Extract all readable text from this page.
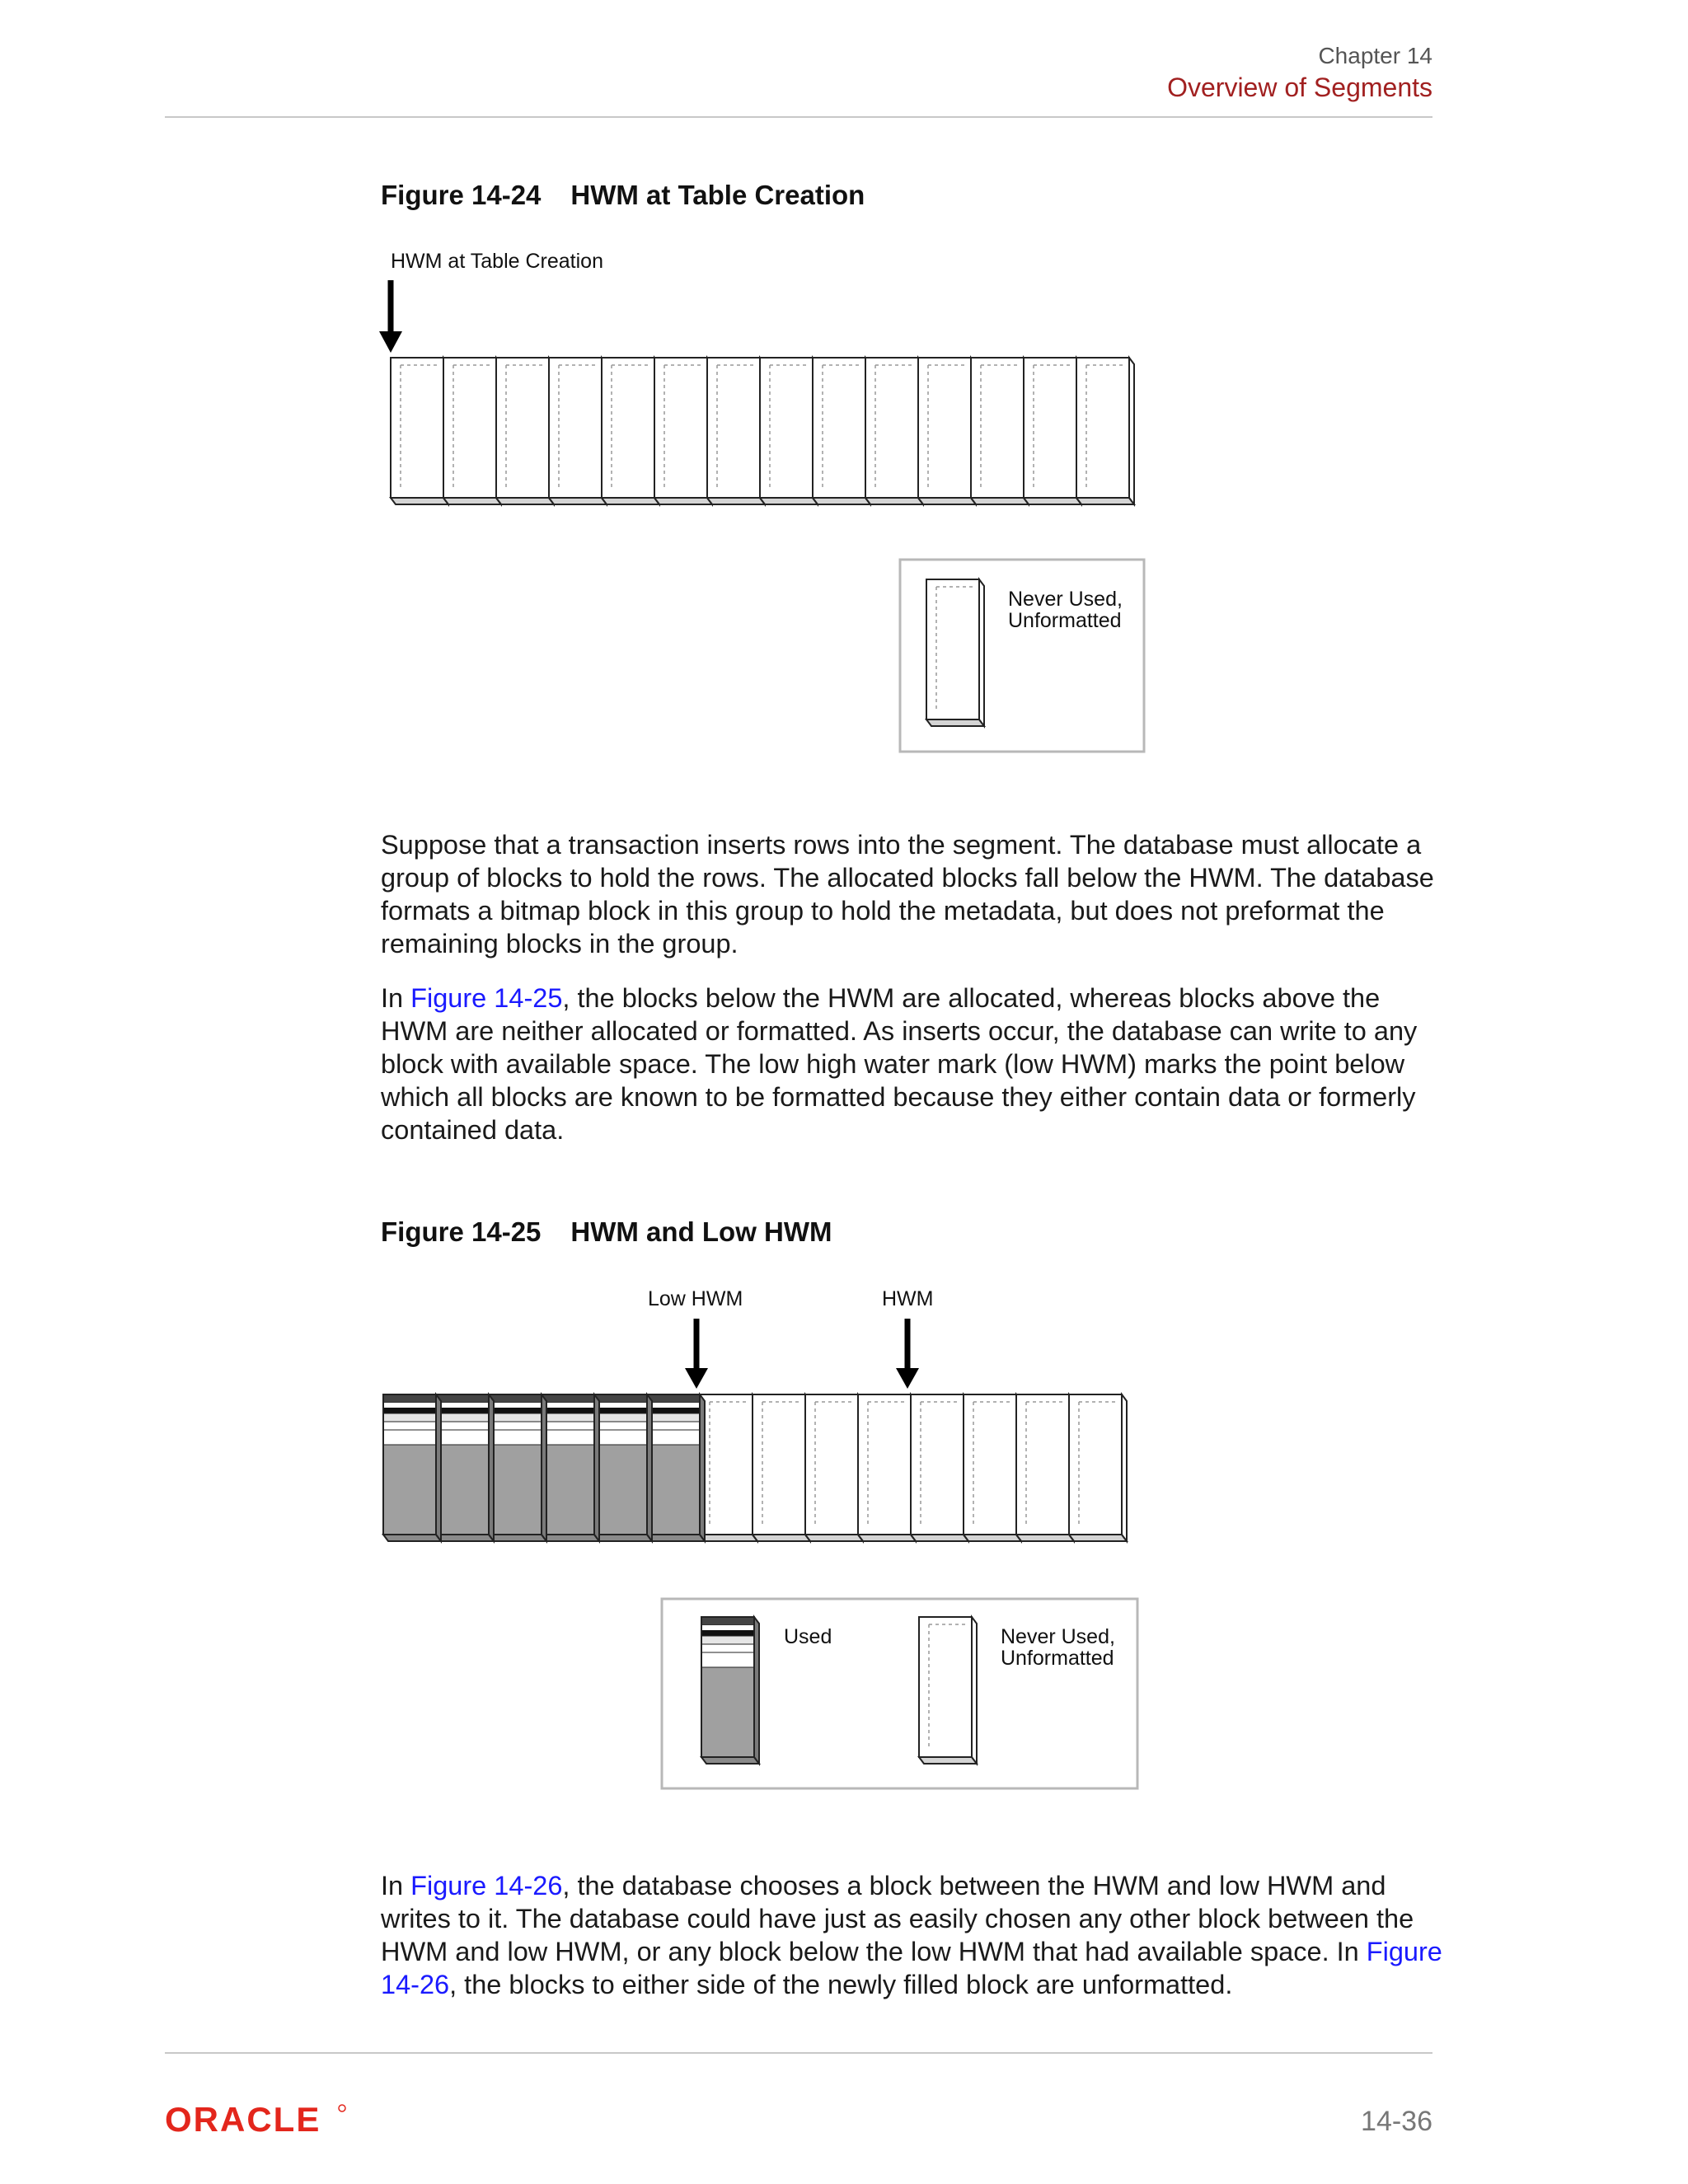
Chapter 14
Overview of Segments
Figure 14-24 HWM at Table Creation
HWM at Table Creation
Never Used,
Unformatted

Suppose that a transaction inserts rows into the segment. The database must allocate a group of blocks to hold the rows. The allocated blocks fall below the HWM. The database formats a bitmap block in this group to hold the metadata, but does not preformat the remaining blocks in the group.

In Figure 14-25, the blocks below the HWM are allocated, whereas blocks above the HWM are neither allocated or formatted. As inserts occur, the database can write to any block with available space. The low high water mark (low HWM) marks the point below which all blocks are known to be formatted because they either contain data or formerly contained data.

Figure 14-25 HWM and Low HWM
Low HWM	HWM
Used	Never Used,
Unformatted

In Figure 14-26, the database chooses a block between the HWM and low HWM and writes to it. The database could have just as easily chosen any other block between the HWM and low HWM, or any block below the low HWM that had available space. In Figure 14-26, the blocks to either side of the newly filled block are unformatted.

ORACLE	14-36
